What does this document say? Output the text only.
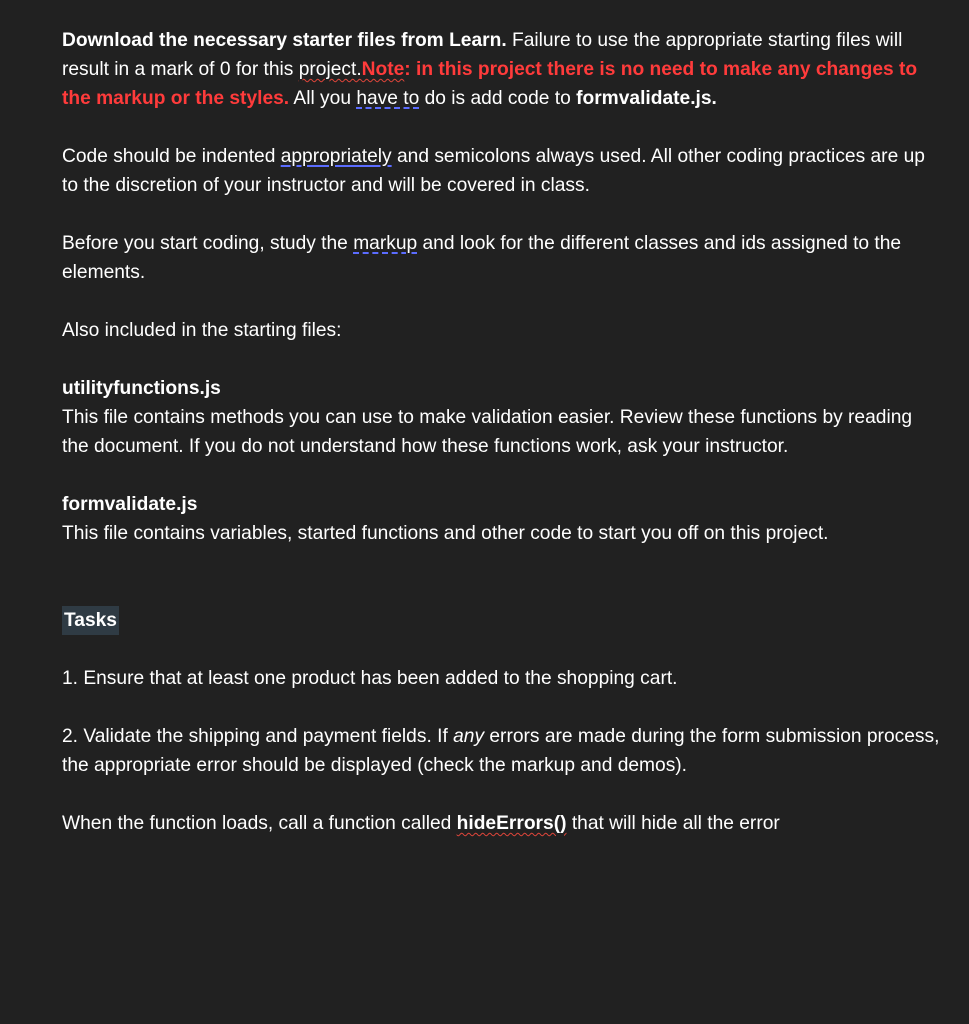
Download the necessary starter files from Learn. Failure to use the appropriate starting files will result in a mark of 0 for this project.Note: in this project there is no need to make any changes to the markup or the styles. All you have to do is add code to formvalidate.js.

Code should be indented appropriately and semicolons always used. All other coding practices are up to the discretion of your instructor and will be covered in class.

Before you start coding, study the markup and look for the different classes and ids assigned to the elements.

Also included in the starting files:

utilityfunctions.js

This file contains methods you can use to make validation easier. Review these functions by reading the document. If you do not understand how these functions work, ask your instructor.

formvalidate.js

This file contains variables, started functions and other code to start you off on this project.

Tasks

1. Ensure that at least one product has been added to the shopping cart.

2. Validate the shipping and payment fields. If any errors are made during the form submission process, the appropriate error should be displayed (check the markup and demos).

When the function loads, call a function called hideErrors() that will hide all the error
